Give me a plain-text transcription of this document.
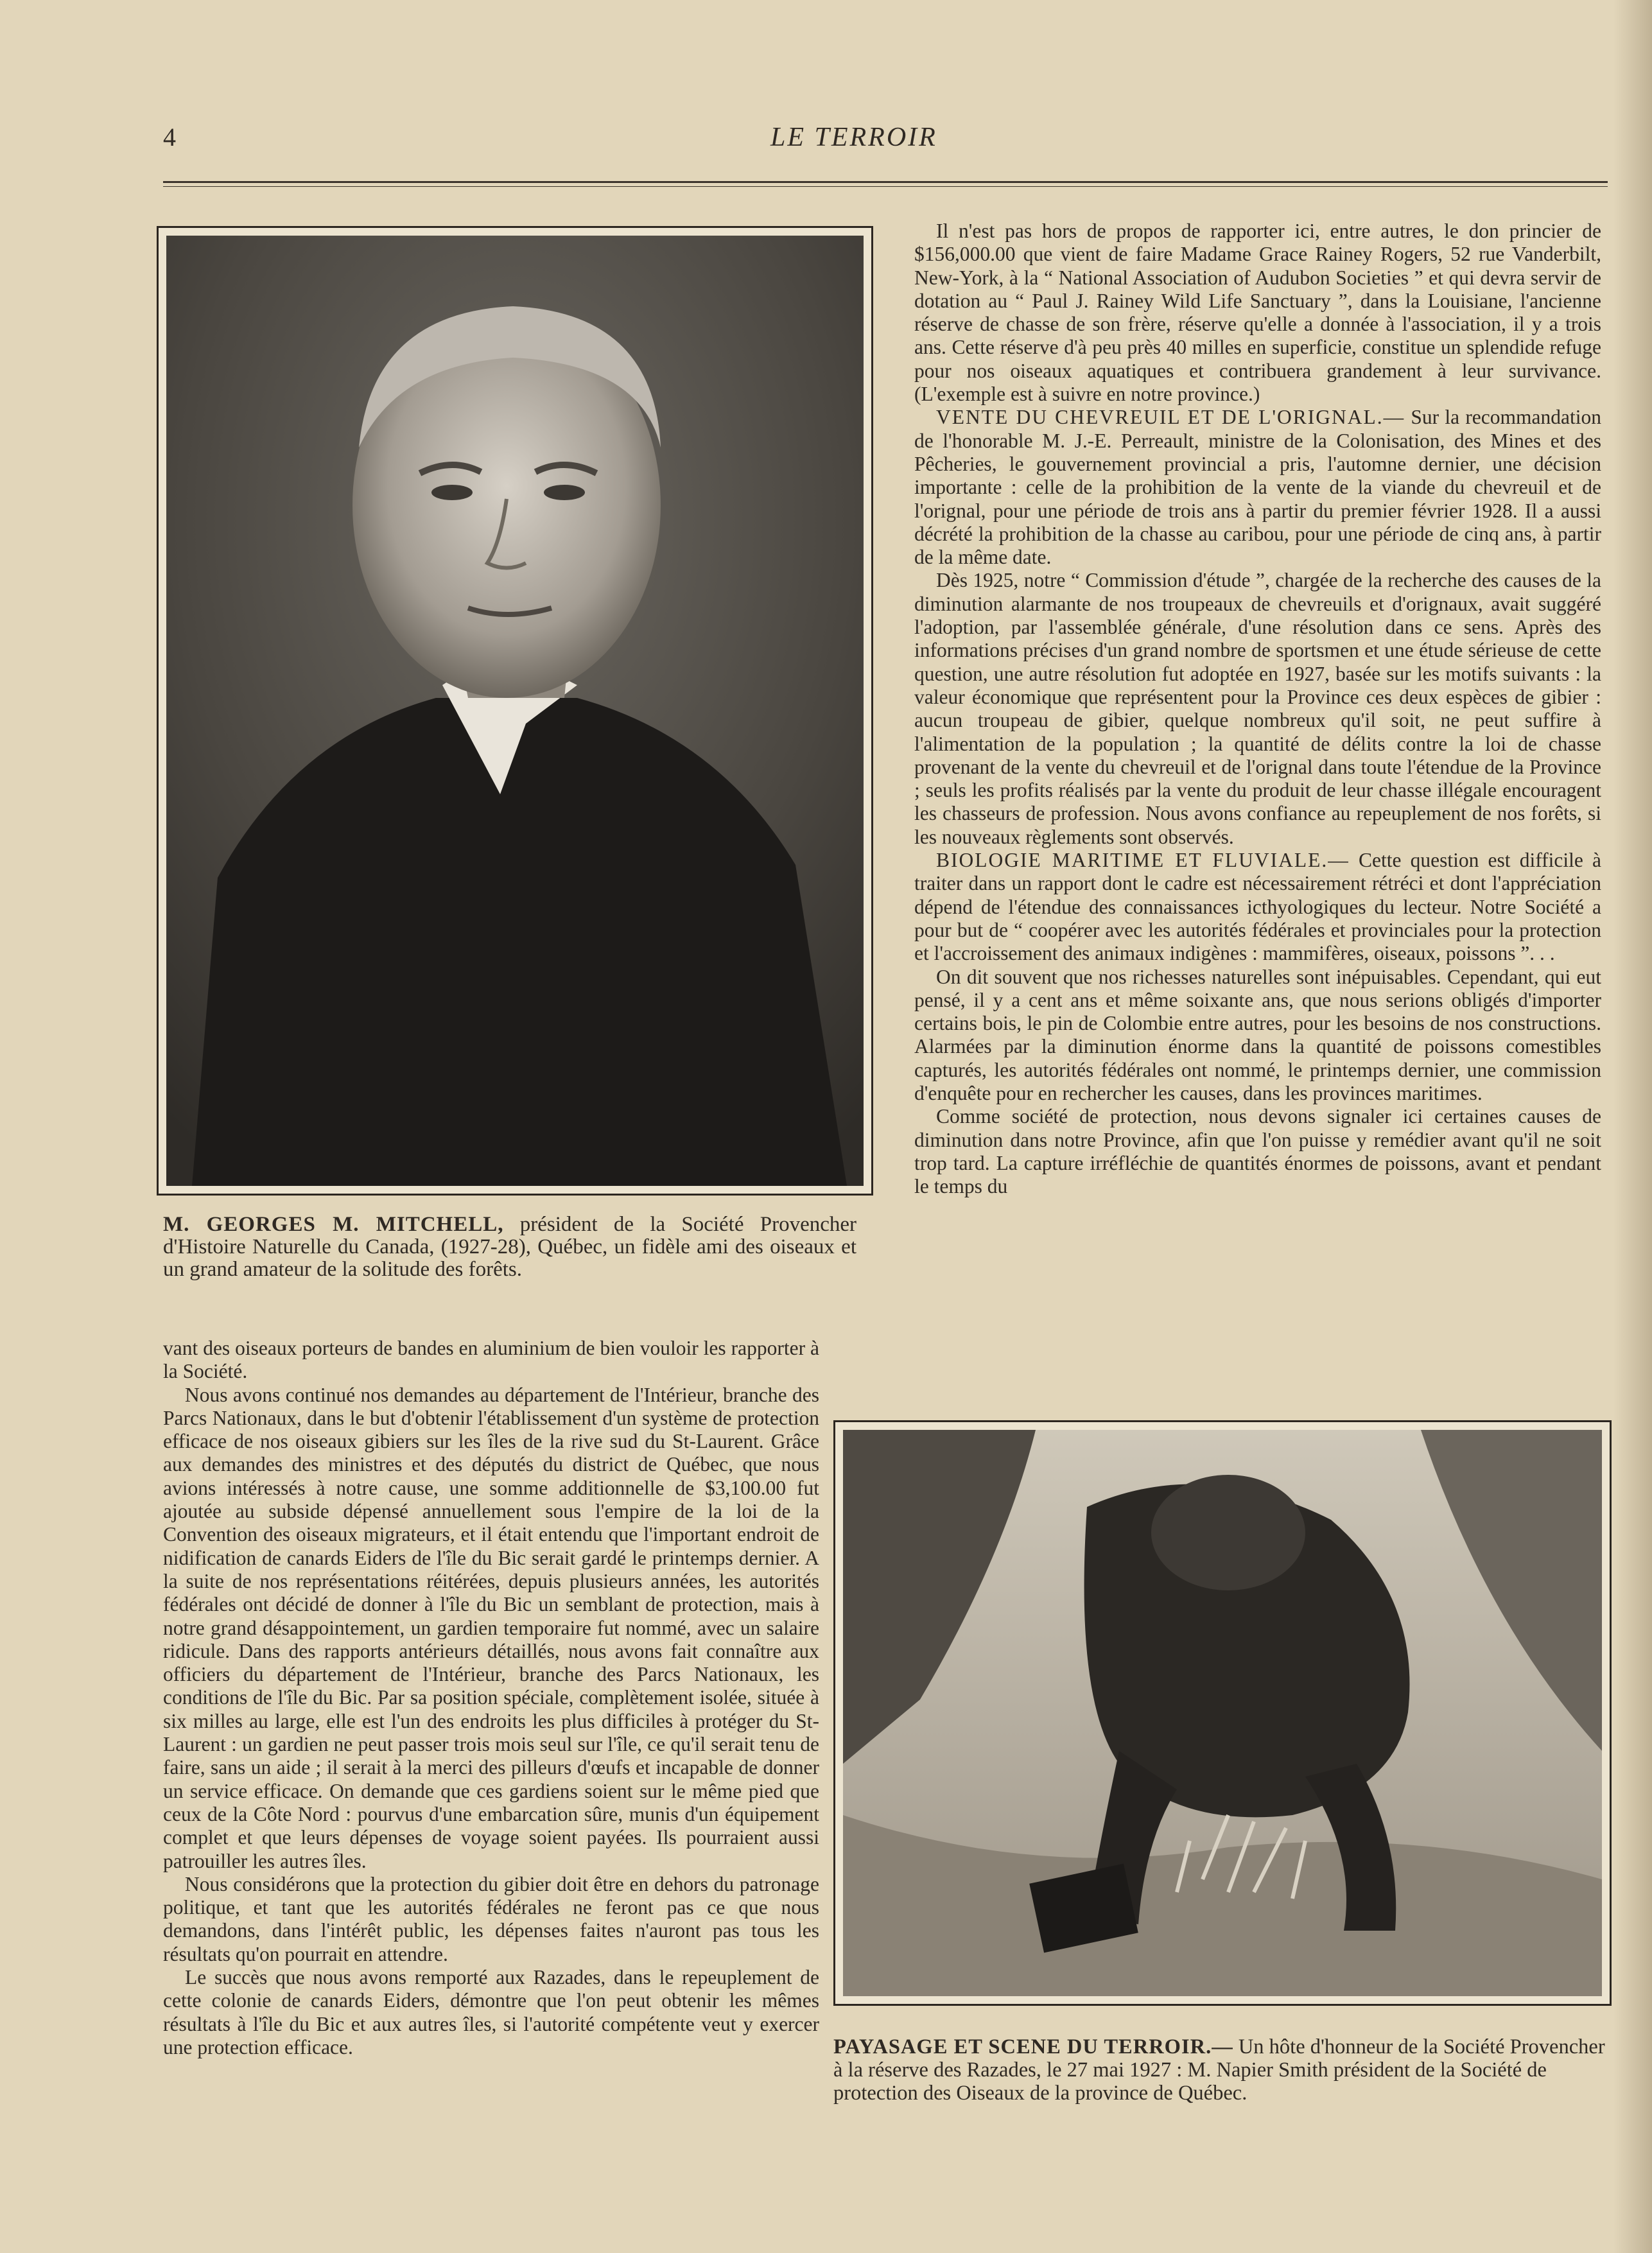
4	LE TERROIR
M. GEORGES M. MITCHELL, président de la Société Provencher d'Histoire Naturelle du Canada, (1927-28), Québec, un fidèle ami des oiseaux et un grand amateur de la solitude des forêts.

Il n'est pas hors de propos de rapporter ici, entre autres, le don princier de $156,000.00 que vient de faire Madame Grace Rainey Rogers, 52 rue Vanderbilt, New-York, à la “ National Association of Audubon Societies ” et qui devra servir de dotation au “ Paul J. Rainey Wild Life Sanctuary ”, dans la Louisiane, l'ancienne réserve de chasse de son frère, réserve qu'elle a donnée à l'association, il y a trois ans. Cette réserve d'à peu près 40 milles en superficie, constitue un splendide refuge pour nos oiseaux aquatiques et contribuera grandement à leur survivance. (L'exemple est à suivre en notre province.)

VENTE DU CHEVREUIL ET DE L'ORIGNAL.— Sur la recommandation de l'honorable M. J.-E. Perreault, ministre de la Colonisation, des Mines et des Pêcheries, le gouvernement provincial a pris, l'automne dernier, une décision importante : celle de la prohibition de la vente de la viande du chevreuil et de l'orignal, pour une période de trois ans à partir du premier février 1928. Il a aussi décrété la prohibition de la chasse au caribou, pour une période de cinq ans, à partir de la même date.

Dès 1925, notre “ Commission d'étude ”, chargée de la recherche des causes de la diminution alarmante de nos troupeaux de chevreuils et d'orignaux, avait suggéré l'adoption, par l'assemblée générale, d'une résolution dans ce sens. Après des informations précises d'un grand nombre de sportsmen et une étude sérieuse de cette question, une autre résolution fut adoptée en 1927, basée sur les motifs suivants : la valeur économique que représentent pour la Province ces deux espèces de gibier : aucun troupeau de gibier, quelque nombreux qu'il soit, ne peut suffire à l'alimentation de la population ; la quantité de délits contre la loi de chasse provenant de la vente du chevreuil et de l'orignal dans toute l'étendue de la Province ; seuls les profits réalisés par la vente du produit de leur chasse illégale encouragent les chasseurs de profession. Nous avons confiance au repeuplement de nos forêts, si les nouveaux règlements sont observés.

BIOLOGIE MARITIME ET FLUVIALE.— Cette question est difficile à traiter dans un rapport dont le cadre est nécessairement rétréci et dont l'appréciation dépend de l'étendue des connaissances icthyologiques du lecteur. Notre Société a pour but de “ coopérer avec les autorités fédérales et provinciales pour la protection et l'accroissement des animaux indigènes : mammifères, oiseaux, poissons ”. . .

On dit souvent que nos richesses naturelles sont inépuisables. Cependant, qui eut pensé, il y a cent ans et même soixante ans, que nous serions obligés d'importer certains bois, le pin de Colombie entre autres, pour les besoins de nos constructions. Alarmées par la diminution énorme dans la quantité de poissons comestibles capturés, les autorités fédérales ont nommé, le printemps dernier, une commission d'enquête pour en rechercher les causes, dans les provinces maritimes.

Comme société de protection, nous devons signaler ici certaines causes de diminution dans notre Province, afin que l'on puisse y remédier avant qu'il ne soit trop tard. La capture irréfléchie de quantités énormes de poissons, avant et pendant le temps du

vant des oiseaux porteurs de bandes en aluminium de bien vouloir les rapporter à la Société.

Nous avons continué nos demandes au département de l'Intérieur, branche des Parcs Nationaux, dans le but d'obtenir l'établissement d'un système de protection efficace de nos oiseaux gibiers sur les îles de la rive sud du St-Laurent. Grâce aux demandes des ministres et des députés du district de Québec, que nous avions intéressés à notre cause, une somme additionnelle de $3,100.00 fut ajoutée au subside dépensé annuellement sous l'empire de la loi de la Convention des oiseaux migrateurs, et il était entendu que l'important endroit de nidification de canards Eiders de l'île du Bic serait gardé le printemps dernier. A la suite de nos représentations réitérées, depuis plusieurs années, les autorités fédérales ont décidé de donner à l'île du Bic un semblant de protection, mais à notre grand désappointement, un gardien temporaire fut nommé, avec un salaire ridicule. Dans des rapports antérieurs détaillés, nous avons fait connaître aux officiers du département de l'Intérieur, branche des Parcs Nationaux, les conditions de l'île du Bic. Par sa position spéciale, complètement isolée, située à six milles au large, elle est l'un des endroits les plus difficiles à protéger du St-Laurent : un gardien ne peut passer trois mois seul sur l'île, ce qu'il serait tenu de faire, sans un aide ; il serait à la merci des pilleurs d'œufs et incapable de donner un service efficace. On demande que ces gardiens soient sur le même pied que ceux de la Côte Nord : pourvus d'une embarcation sûre, munis d'un équipement complet et que leurs dépenses de voyage soient payées. Ils pourraient aussi patrouiller les autres îles.

Nous considérons que la protection du gibier doit être en dehors du patronage politique, et tant que les autorités fédérales ne feront pas ce que nous demandons, dans l'intérêt public, les dépenses faites n'auront pas tous les résultats qu'on pourrait en attendre.

Le succès que nous avons remporté aux Razades, dans le repeuplement de cette colonie de canards Eiders, démontre que l'on peut obtenir les mêmes résultats à l'île du Bic et aux autres îles, si l'autorité compétente veut y exercer une protection efficace.	PAYASAGE ET SCENE DU TERROIR.— Un hôte d'honneur de la Société Provencher à la réserve des Razades, le 27 mai 1927 : M. Napier Smith président de la Société de protection des Oiseaux de la province de Québec.
